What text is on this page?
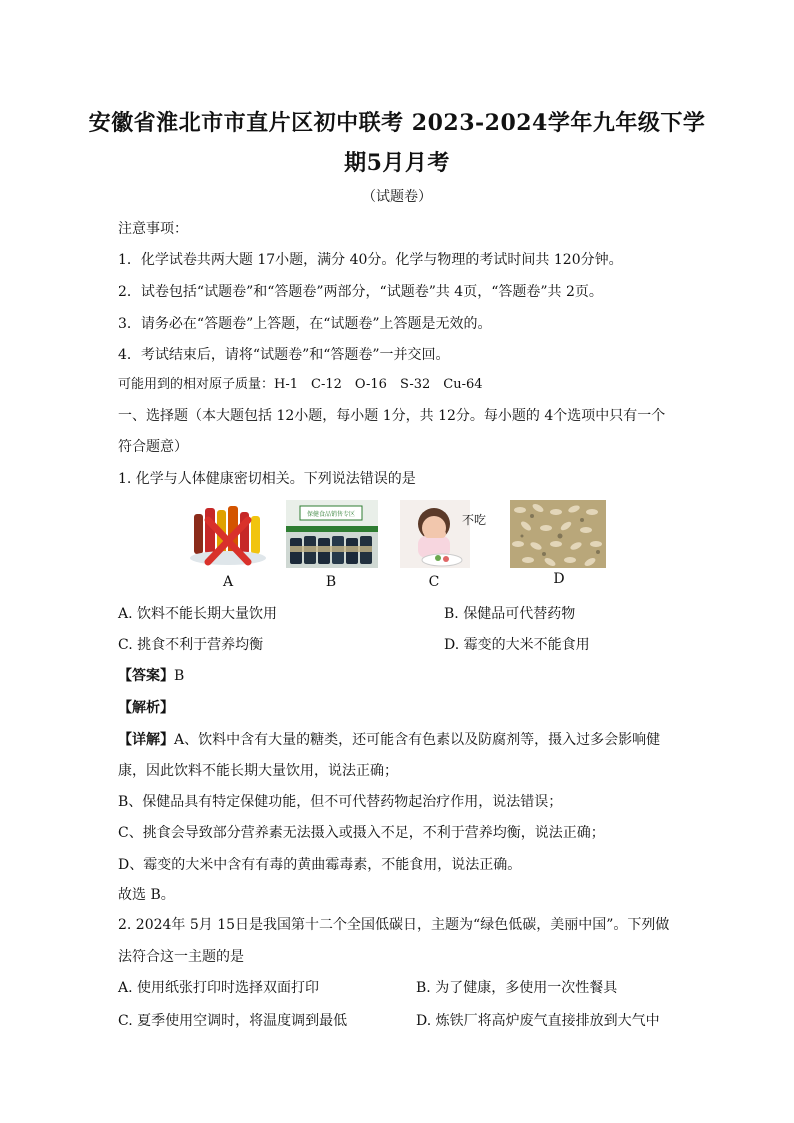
安徽省淮北市市直片区初中联考 2023-2024学年九年级下学
期5月月考
（试题卷）
注意事项：
1．化学试卷共两大题 17小题，满分 40分。化学与物理的考试时间共 120分钟。
2．试卷包括“试题卷”和“答题卷”两部分，“试题卷”共 4页，“答题卷”共 2页。
3．请务必在“答题卷”上答题，在“试题卷”上答题是无效的。
4．考试结束后，请将“试题卷”和“答题卷”一并交回。
可能用到的相对原子质量：H-1　C-12　O-16　S-32　Cu-64
一、选择题（本大题包括 12小题，每小题 1分，共 12分。每小题的 4个选项中只有一个
符合题意）
1. 化学与人体健康密切相关。下列说法错误的是
A
保健食品销售专区
B
不吃
C	D
A. 饮料不能长期大量饮用	B. 保健品可代替药物
C. 挑食不利于营养均衡	D. 霉变的大米不能食用
【答案】B
【解析】
【详解】A、饮料中含有大量的糖类，还可能含有色素以及防腐剂等，摄入过多会影响健
康，因此饮料不能长期大量饮用，说法正确；
B、保健品具有特定保健功能，但不可代替药物起治疗作用，说法错误；
C、挑食会导致部分营养素无法摄入或摄入不足，不利于营养均衡，说法正确；
D、霉变的大米中含有有毒的黄曲霉毒素，不能食用，说法正确。
故选 B。
2. 2024年 5月 15日是我国第十二个全国低碳日，主题为“绿色低碳，美丽中国”。下列做
法符合这一主题的是
A. 使用纸张打印时选择双面打印	B. 为了健康，多使用一次性餐具
C. 夏季使用空调时，将温度调到最低	D. 炼铁厂将高炉废气直接排放到大气中
